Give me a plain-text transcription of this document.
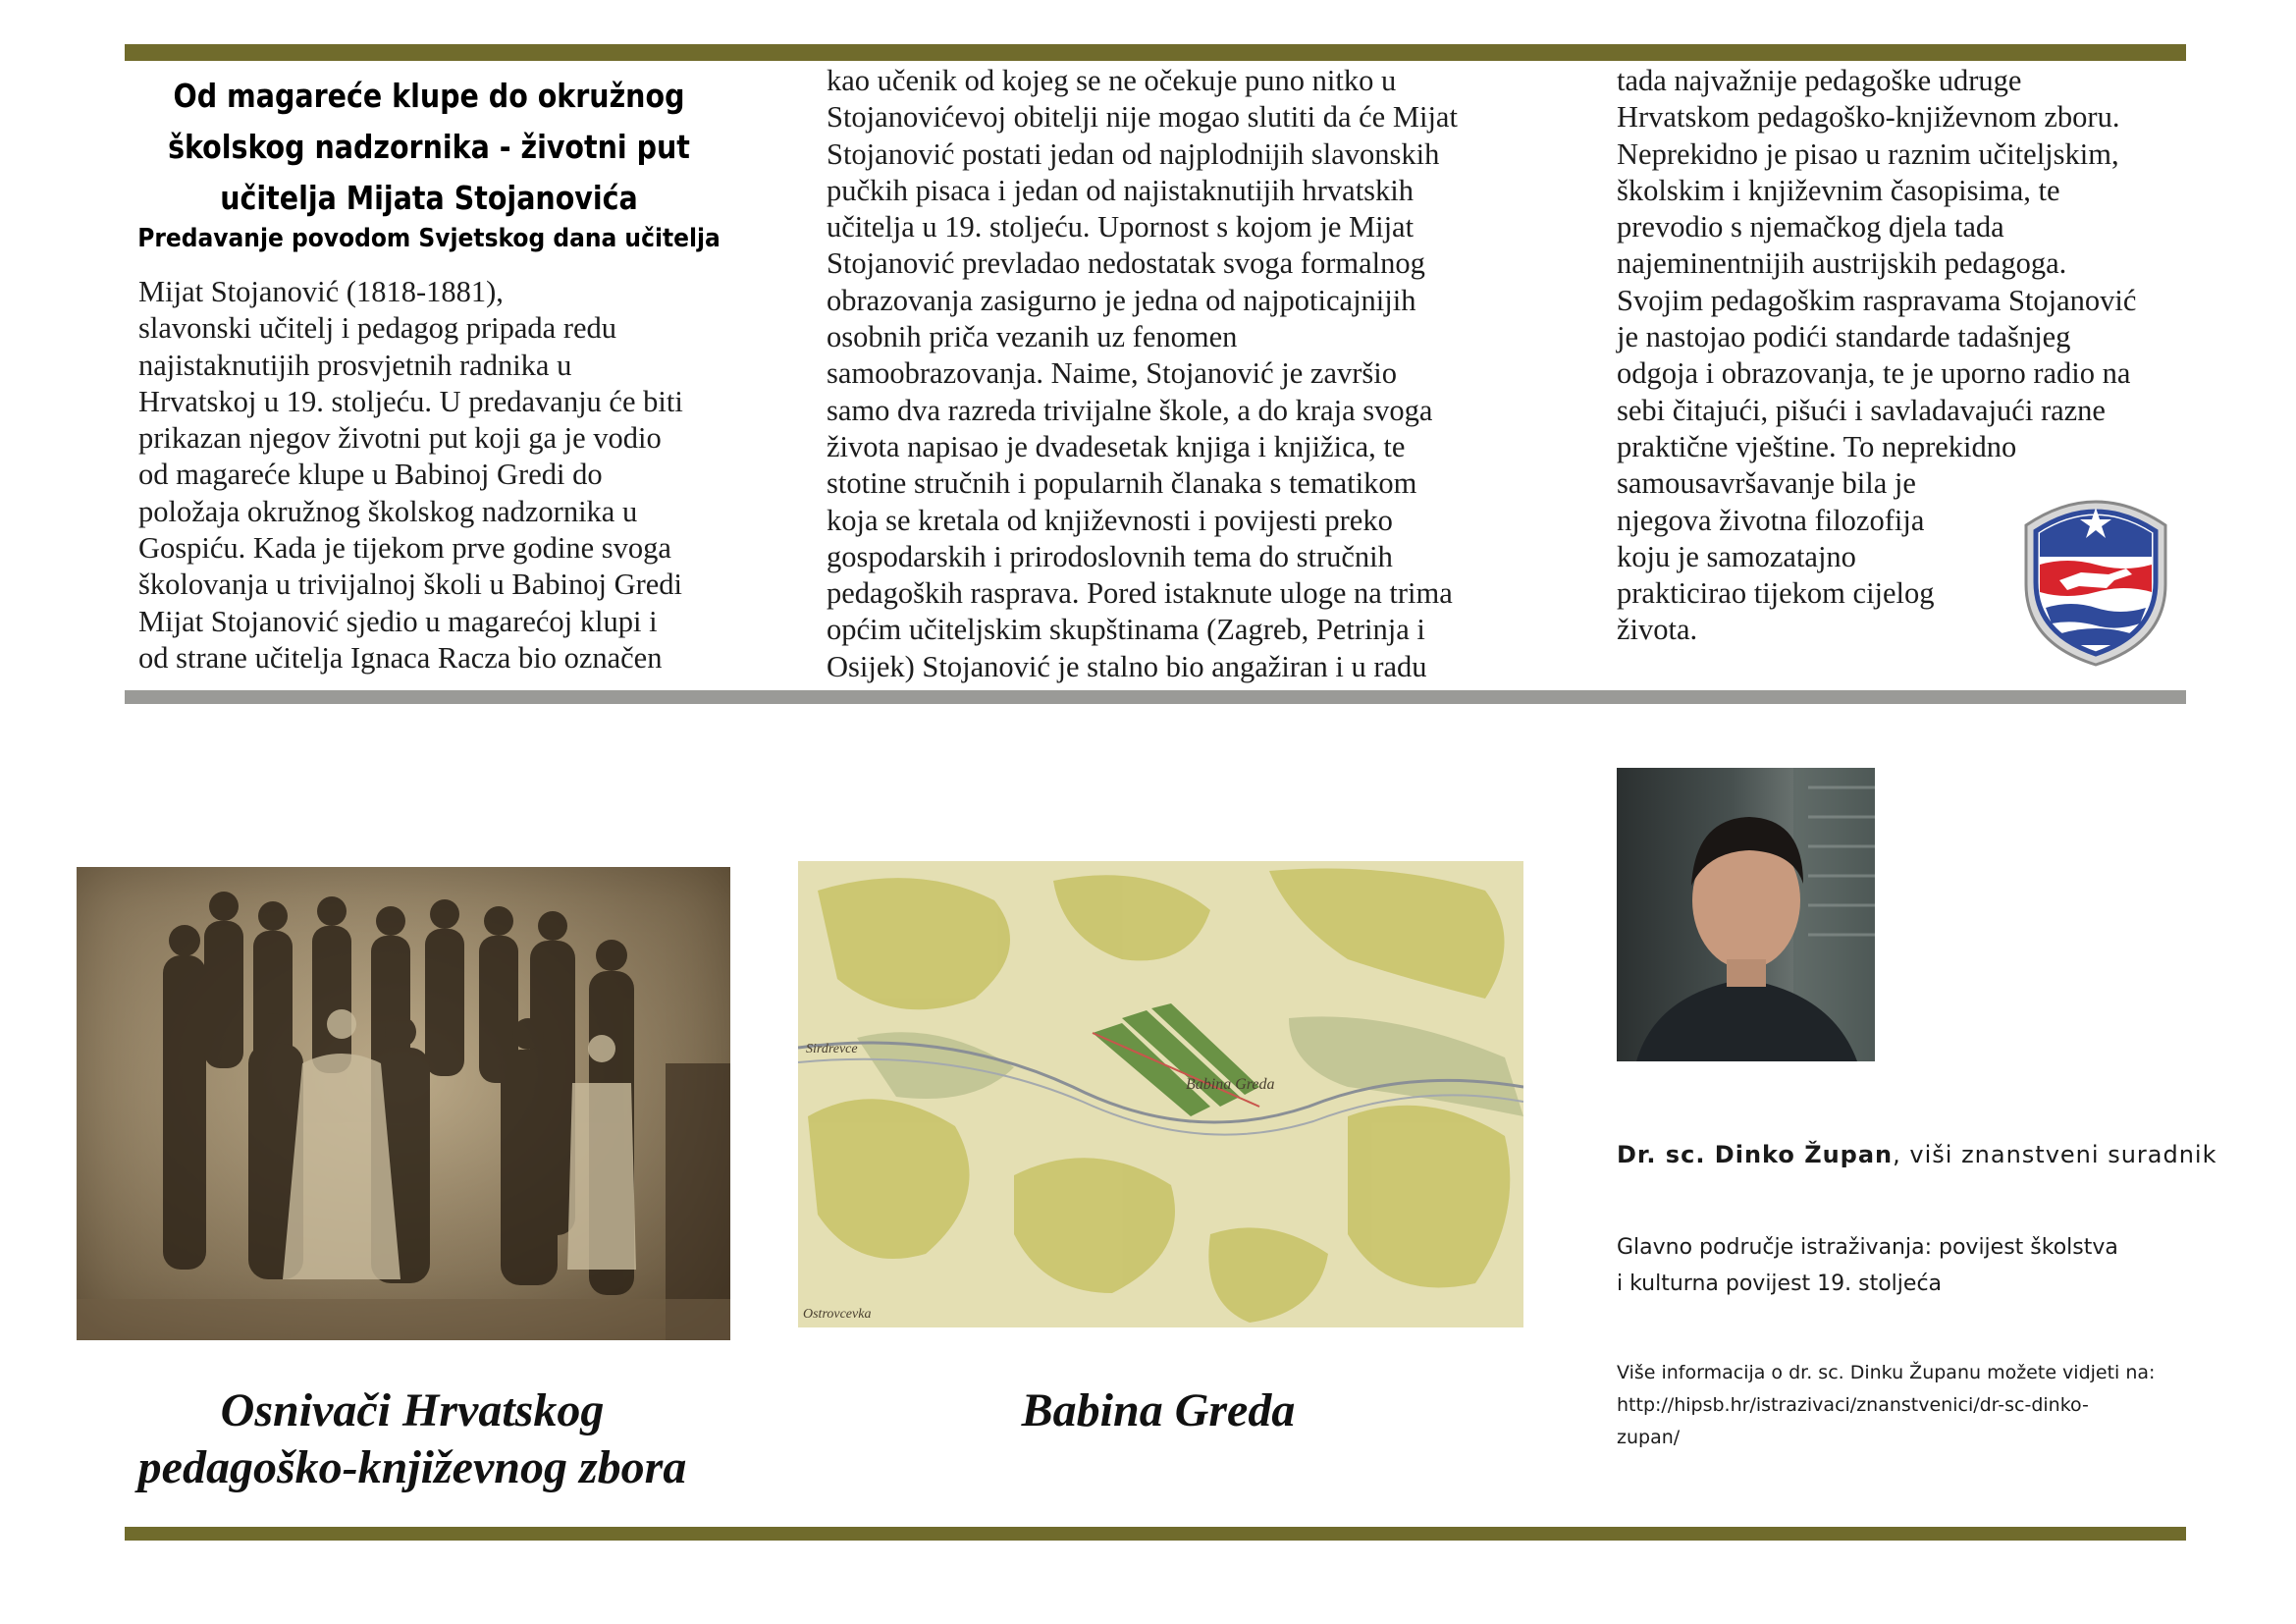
Od magareće klupe do okružnog
školskog nadzornika - životni put
učitelja Mijata Stojanovića
Predavanje povodom Svjetskog dana učitelja

Mijat Stojanović (1818-1881),

slavonski učitelj i pedagog pripada redu

najistaknutijih prosvjetnih radnika u

Hrvatskoj u 19. stoljeću. U predavanju će biti

prikazan njegov životni put koji ga je vodio

od magareće klupe u Babinoj Gredi do

položaja okružnog školskog nadzornika u

Gospiću. Kada je tijekom prve godine svoga

školovanja u trivijalnoj školi u Babinoj Gredi

Mijat Stojanović sjedio u magarećoj klupi i

od strane učitelja Ignaca Racza bio označen

kao učenik od kojeg se ne očekuje puno nitko u

Stojanovićevoj obitelji nije mogao slutiti da će Mijat

Stojanović postati jedan od najplodnijih slavonskih

pučkih pisaca i jedan od najistaknutijih hrvatskih

učitelja u 19. stoljeću. Upornost s kojom je Mijat

Stojanović prevladao nedostatak svoga formalnog

obrazovanja zasigurno je jedna od najpoticajnijih

osobnih priča vezanih uz fenomen

samoobrazovanja. Naime, Stojanović je završio

samo dva razreda trivijalne škole, a do kraja svoga

života napisao je dvadesetak knjiga i knjižica, te

stotine stručnih i popularnih članaka s tematikom

koja se kretala od književnosti i povijesti preko

gospodarskih i prirodoslovnih tema do stručnih

pedagoških rasprava. Pored istaknute uloge na trima

općim učiteljskim skupštinama (Zagreb, Petrinja i

Osijek) Stojanović je stalno bio angažiran i u radu

tada najvažnije pedagoške udruge

Hrvatskom pedagoško-književnom zboru.

Neprekidno je pisao u raznim učiteljskim,

školskim i književnim časopisima, te

prevodio s njemačkog djela tada

najeminentnijih austrijskih pedagoga.

Svojim pedagoškim raspravama Stojanović

je nastojao podići standarde tadašnjeg

odgoja i obrazovanja, te je uporno radio na

sebi čitajući, pišući i savladavajući razne

praktične vještine. To neprekidno

samousavršavanje bila je

njegova životna filozofija

koju je samozatajno

prakticirao tijekom cijelog

života.

Babina Greda
Sirdrevce
Ostrovcevka
Osnivači Hrvatskog
pedagoško-književnog zbora
Babina Greda
Dr. sc. Dinko Župan, viši znanstveni suradnik
Glavno područje istraživanja: povijest školstva
i kulturna povijest 19. stoljeća
Više informacija o dr. sc. Dinku Županu možete vidjeti na:
http://hipsb.hr/istrazivaci/znanstvenici/dr-sc-dinko-
zupan/
